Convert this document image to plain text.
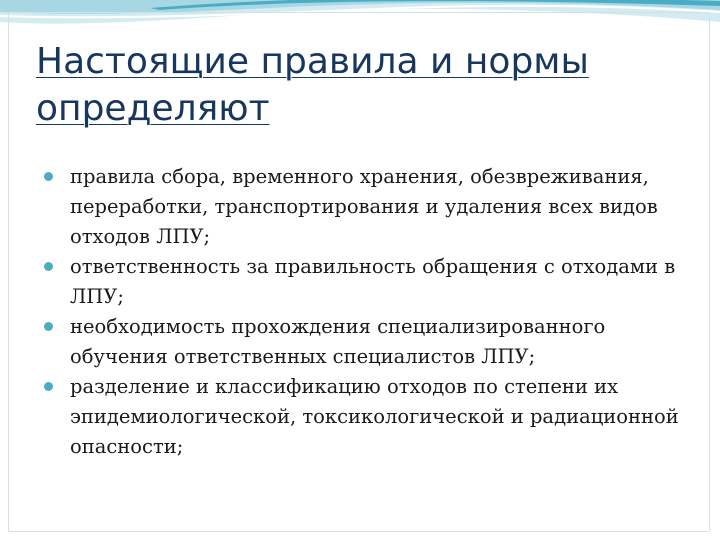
Настоящие правила и нормы определяют
правила сбора, временного хранения, обезвреживания, переработки, транспортирования и удаления всех видов отходов ЛПУ;
ответственность за правильность обращения с отходами в ЛПУ;
необходимость прохождения специализированного обучения ответственных специалистов ЛПУ;
разделение и классификацию отходов по степени их эпидемиологической, токсикологической и радиационной опасности;
